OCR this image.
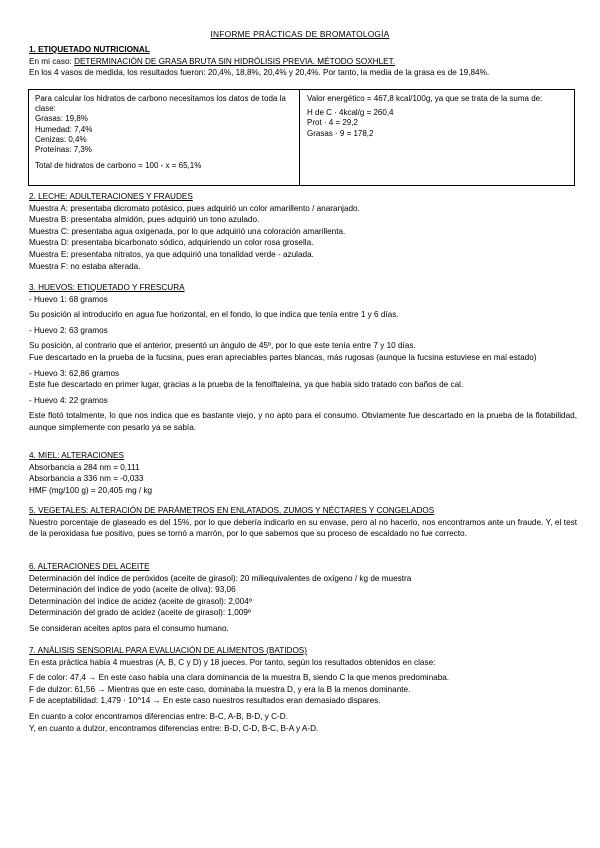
INFORME PRÁCTICAS DE BROMATOLOGÍA

1. ETIQUETADO NUTRICIONAL

En mi caso: DETERMINACIÓN DE GRASA BRUTA SIN HIDRÓLISIS PREVIA. MÉTODO SOXHLET.

En los 4 vasos de medida, los resultados fueron: 20,4%, 18,8%, 20,4% y 20,4%. Por tanto, la media de la grasa es de 19,84%.

Para calcular los hidratos de carbono necesitamos los datos de toda la clase:

Grasas: 19,8%

Humedad: 7,4%

Cenizas: 0,4%

Proteínas: 7,3%

Total de hidratos de carbono = 100 - x = 65,1%

Valor energético = 467,8 kcal/100g, ya que se trata de la suma de:

H de C · 4kcal/g = 260,4

Prot · 4 = 29,2

Grasas · 9 = 178,2

2. LECHE: ADULTERACIONES Y FRAUDES

Muestra A: presentaba dicromato potásico, pues adquirió un color amarillento / anaranjado.

Muestra B: presentaba almidón, pues adquirió un tono azulado.

Muestra C: presentaba agua oxigenada, por lo que adquirió una coloración amarillenta.

Muestra D: presentaba bicarbonato sódico, adquiriendo un color rosa grosella.

Muestra E: presentaba nitratos, ya que adquirió una tonalidad verde - azulada.

Muestra F: no estaba alterada.

3. HUEVOS: ETIQUETADO Y FRESCURA

- Huevo 1: 68 gramos

Su posición al introducirlo en agua fue horizontal, en el fondo, lo que indica que tenía entre 1 y 6 días.

- Huevo 2: 63 gramos

Su posición, al contrario que el anterior, presentó un ángulo de 45º, por lo que este tenía entre 7 y 10 días.

Fue descartado en la prueba de la fucsina, pues eran apreciables partes blancas, más rugosas (aunque la fucsina estuviese en mal estado)

- Huevo 3: 62,86 gramos

Este fue descartado en primer lugar, gracias a la prueba de la fenolftaleína, ya que había sido tratado con baños de cal.

- Huevo 4: 22 gramos

Este flotó totalmente, lo que nos indica que es bastante viejo, y no apto para el consumo. Obviamente fue descartado en la prueba de la flotabilidad, aunque simplemente con pesarlo ya se sabía.

4. MIEL: ALTERACIONES

Absorbancia a 284 nm = 0,111

Absorbancia a 336 nm = -0,033

HMF (mg/100 g) = 20,405 mg / kg

5. VEGETALES: ALTERACIÓN DE PARÁMETROS EN ENLATADOS, ZUMOS Y NÉCTARES Y CONGELADOS

Nuestro porcentaje de glaseado es del 15%, por lo que debería indicarlo en su envase, pero al no hacerlo, nos encontramos ante un fraude. Y, el test de la peroxidasa fue positivo, pues se tornó a marrón, por lo que sabemos que su proceso de escaldado no fue correcto.

6. ALTERACIONES DEL ACEITE

Determinación del índice de peróxidos (aceite de girasol): 20 miliequivalentes de oxígeno / kg de muestra

Determinación del índice de yodo (aceite de oliva): 93,06

Determinación del índice de acidez (aceite de girasol): 2,004º

Determinación del grado de acidez (aceite de girasol): 1,009º

Se consideran aceites aptos para el consumo humano.

7. ANÁLISIS SENSORIAL PARA EVALUACIÓN DE ALIMENTOS (BATIDOS)

En esta práctica había 4 muestras (A, B, C y D) y 18 jueces. Por tanto, según los resultados obtenidos en clase:

F de color: 47,4 → En este caso había una clara dominancia de la muestra B, siendo C la que menos predominaba.

F de dulzor: 61,56 → Mientras que en este caso, dominaba la muestra D, y era la B la menos dominante.

F de aceptabilidad: 1,479 · 10^14 → En este caso nuestros resultados eran demasiado dispares.

En cuanto a color encontramos diferencias entre: B-C, A-B, B-D, y C-D.

Y, en cuanto a dulzor, encontramos diferencias entre: B-D, C-D, B-C, B-A y A-D.
